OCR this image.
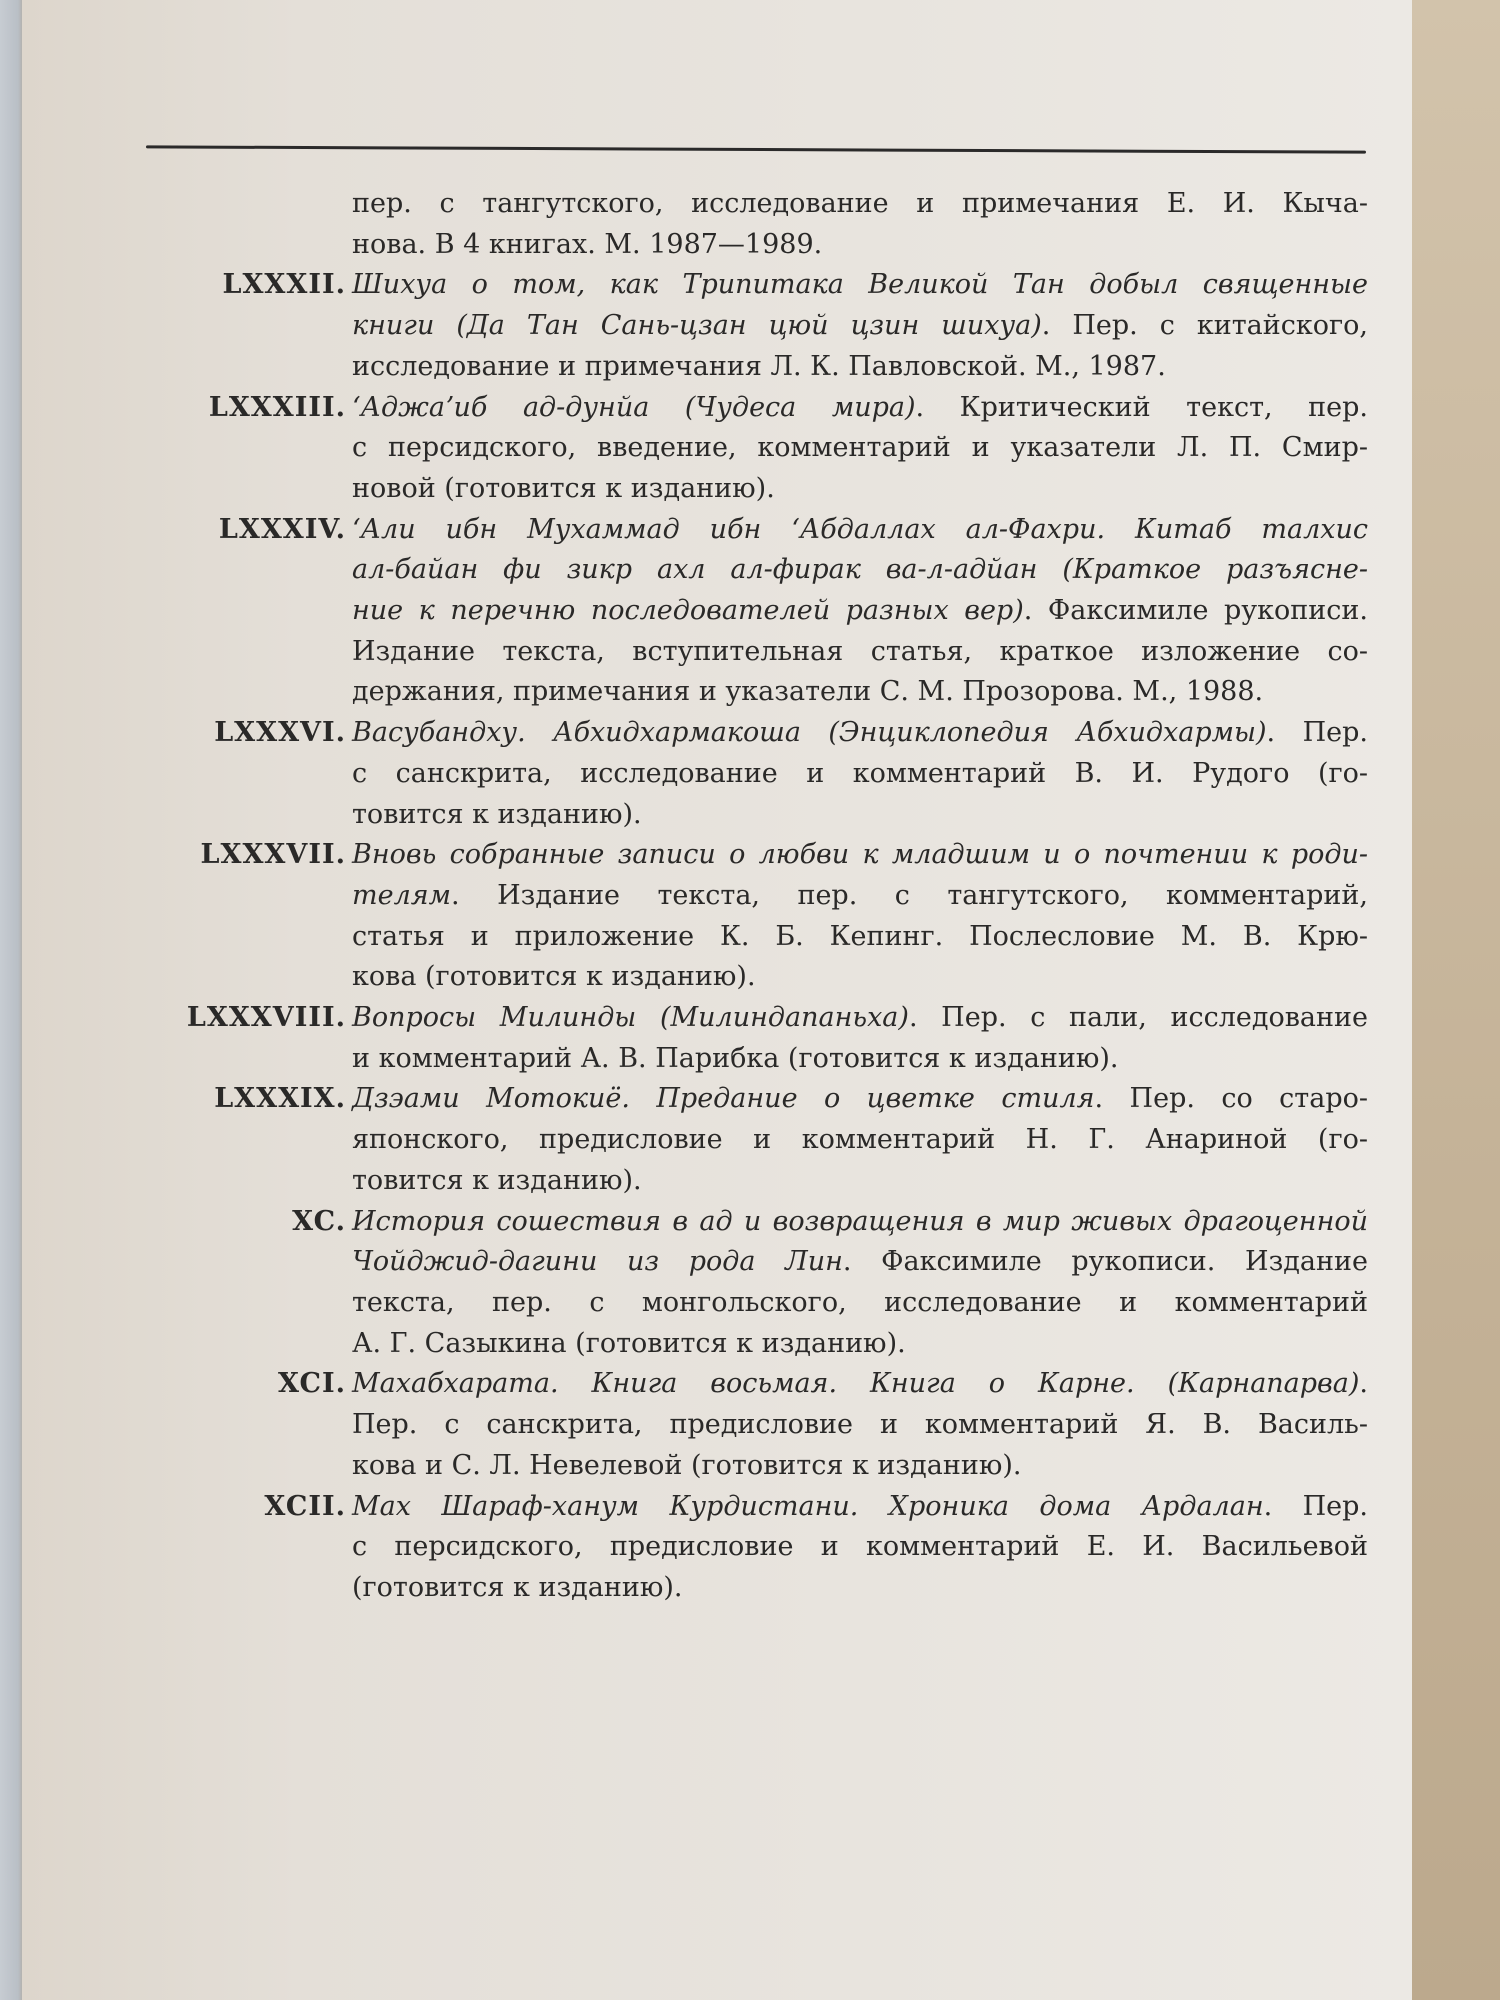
пер. с тангутского, исследование и примечания Е. И. Кыча-
нова. В 4 книгах. М. 1987—1989.
LXXXII. Шихуа о том, как Трипитака Великой Тан добыл священные
книги (Да Тан Сань-цзан цюй цзин шихуа). Пер. с китайского,
исследование и примечания Л. К. Павловской. М., 1987.
LXXXIII. ʻАджаʼиб ад-дунйа (Чудеса мира). Критический текст, пер.
с персидского, введение, комментарий и указатели Л. П. Смир-
новой (готовится к изданию).
LXXXIV. ʻАли ибн Мухаммад ибн ʻАбдаллах ал-Фахри. Китаб талхис
ал-байан фи зикр ахл ал-фирак ва-л-адйан (Краткое разъясне-
ние к перечню последователей разных вер). Факсимиле рукописи.
Издание текста, вступительная статья, краткое изложение со-
держания, примечания и указатели С. М. Прозорова. М., 1988.
LXXXVI. Васубандху. Абхидхармакоша (Энциклопедия Абхидхармы). Пер.
с санскрита, исследование и комментарий В. И. Рудого (го-
товится к изданию).
LXXXVII. Вновь собранные записи о любви к младшим и о почтении к роди-
телям. Издание текста, пер. с тангутского, комментарий,
статья и приложение К. Б. Кепинг. Послесловие М. В. Крю-
кова (готовится к изданию).
LXXXVIII. Вопросы Милинды (Милиндапаньха). Пер. с пали, исследование
и комментарий А. В. Парибка (готовится к изданию).
LXXXIX. Дзэами Мотокиё. Предание о цветке стиля. Пер. со старо-
японского, предисловие и комментарий Н. Г. Анариной (го-
товится к изданию).
XC. История сошествия в ад и возвращения в мир живых драгоценной
Чойджид-дагини из рода Лин. Факсимиле рукописи. Издание
текста, пер. с монгольского, исследование и комментарий
А. Г. Сазыкина (готовится к изданию).
XCI. Махабхарата. Книга восьмая. Книга о Карне. (Карнапарва).
Пер. с санскрита, предисловие и комментарий Я. В. Василь-
кова и С. Л. Невелевой (готовится к изданию).
XCII. Мах Шараф-ханум Курдистани. Хроника дома Ардалан. Пер.
с персидского, предисловие и комментарий Е. И. Васильевой
(готовится к изданию).
